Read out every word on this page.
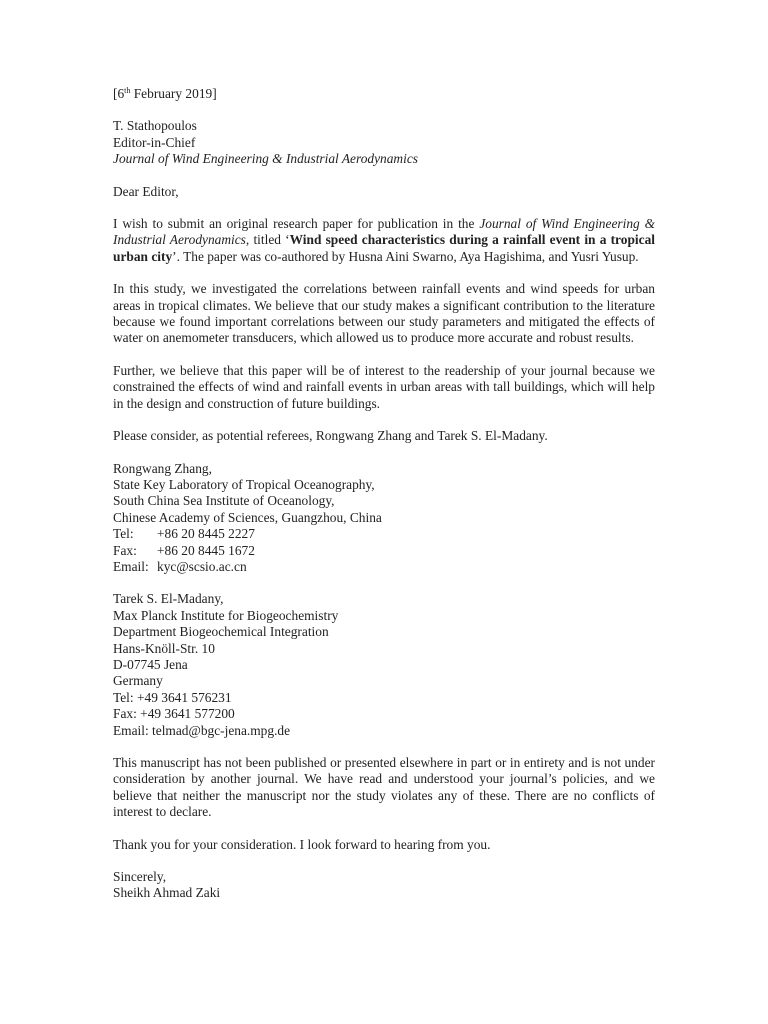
[6th February 2019]
T. Stathopoulos
Editor-in-Chief
Journal of Wind Engineering & Industrial Aerodynamics
Dear Editor,
I wish to submit an original research paper for publication in the Journal of Wind Engineering & Industrial Aerodynamics, titled ‘Wind speed characteristics during a rainfall event in a tropical urban city’. The paper was co-authored by Husna Aini Swarno, Aya Hagishima, and Yusri Yusup.
In this study, we investigated the correlations between rainfall events and wind speeds for urban areas in tropical climates. We believe that our study makes a significant contribution to the literature because we found important correlations between our study parameters and mitigated the effects of water on anemometer transducers, which allowed us to produce more accurate and robust results.
Further, we believe that this paper will be of interest to the readership of your journal because we constrained the effects of wind and rainfall events in urban areas with tall buildings, which will help in the design and construction of future buildings.
Please consider, as potential referees, Rongwang Zhang and Tarek S. El-Madany.
Rongwang Zhang,
State Key Laboratory of Tropical Oceanography,
South China Sea Institute of Oceanology,
Chinese Academy of Sciences, Guangzhou, China
Tel: +86 20 8445 2227
Fax: +86 20 8445 1672
Email: kyc@scsio.ac.cn
Tarek S. El-Madany,
Max Planck Institute for Biogeochemistry
Department Biogeochemical Integration
Hans-Knöll-Str. 10
D-07745 Jena
Germany
Tel: +49 3641 576231
Fax: +49 3641 577200
Email: telmad@bgc-jena.mpg.de
This manuscript has not been published or presented elsewhere in part or in entirety and is not under consideration by another journal. We have read and understood your journal’s policies, and we believe that neither the manuscript nor the study violates any of these. There are no conflicts of interest to declare.
Thank you for your consideration. I look forward to hearing from you.
Sincerely,
Sheikh Ahmad Zaki
